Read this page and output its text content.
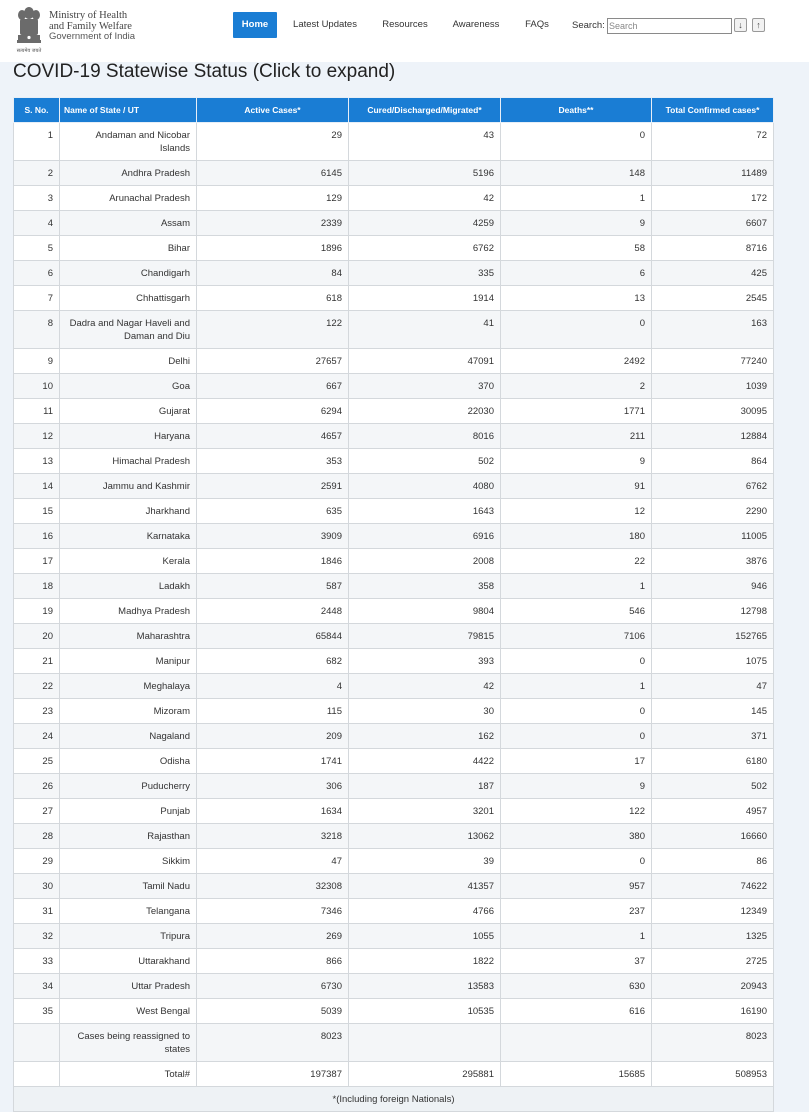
सत्यमेव जयते
Ministry of Health
and Family Welfare
Government of India
Home	Latest Updates	Resources	Awareness	FAQs	Search:
Search	↓	↑
COVID-19 Statewise Status (Click to expand)
S. No.	Name of State / UT	Active Cases*	Cured/Discharged/Migrated*	Deaths**	Total Confirmed cases*
1	Andaman and Nicobar Islands	29	43	0	72
2	Andhra Pradesh	6145	5196	148	11489
3	Arunachal Pradesh	129	42	1	172
4	Assam	2339	4259	9	6607
5	Bihar	1896	6762	58	8716
6	Chandigarh	84	335	6	425
7	Chhattisgarh	618	1914	13	2545
8	Dadra and Nagar Haveli and Daman and Diu	122	41	0	163
9	Delhi	27657	47091	2492	77240
10	Goa	667	370	2	1039
11	Gujarat	6294	22030	1771	30095
12	Haryana	4657	8016	211	12884
13	Himachal Pradesh	353	502	9	864
14	Jammu and Kashmir	2591	4080	91	6762
15	Jharkhand	635	1643	12	2290
16	Karnataka	3909	6916	180	11005
17	Kerala	1846	2008	22	3876
18	Ladakh	587	358	1	946
19	Madhya Pradesh	2448	9804	546	12798
20	Maharashtra	65844	79815	7106	152765
21	Manipur	682	393	0	1075
22	Meghalaya	4	42	1	47
23	Mizoram	115	30	0	145
24	Nagaland	209	162	0	371
25	Odisha	1741	4422	17	6180
26	Puducherry	306	187	9	502
27	Punjab	1634	3201	122	4957
28	Rajasthan	3218	13062	380	16660
29	Sikkim	47	39	0	86
30	Tamil Nadu	32308	41357	957	74622
31	Telangana	7346	4766	237	12349
32	Tripura	269	1055	1	1325
33	Uttarakhand	866	1822	37	2725
34	Uttar Pradesh	6730	13583	630	20943
35	West Bengal	5039	10535	616	16190
	Cases being reassigned to states	8023			8023
	Total#	197387	295881	15685	508953
*(Including foreign Nationals)					
